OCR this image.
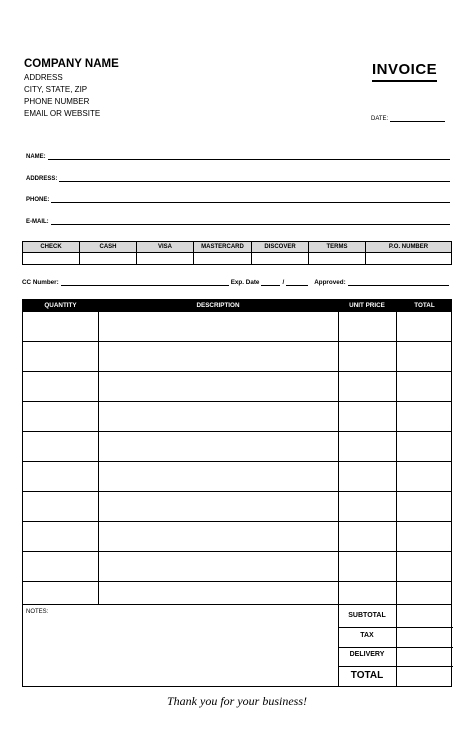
COMPANY NAME
ADDRESS
CITY, STATE, ZIP
PHONE NUMBER
EMAIL OR WEBSITE
INVOICE
DATE:
NAME:
ADDRESS:
PHONE:
E-MAIL:
CHECK	CASH	VISA	MASTERCARD	DISCOVER	TERMS	P.O. NUMBER

CC Number:	Exp. Date	/	Approved:
QUANTITY	DESCRIPTION	UNIT PRICE	TOTAL
NOTES:	SUBTOTAL
TAX
DELIVERY
TOTAL
Thank you for your business!
